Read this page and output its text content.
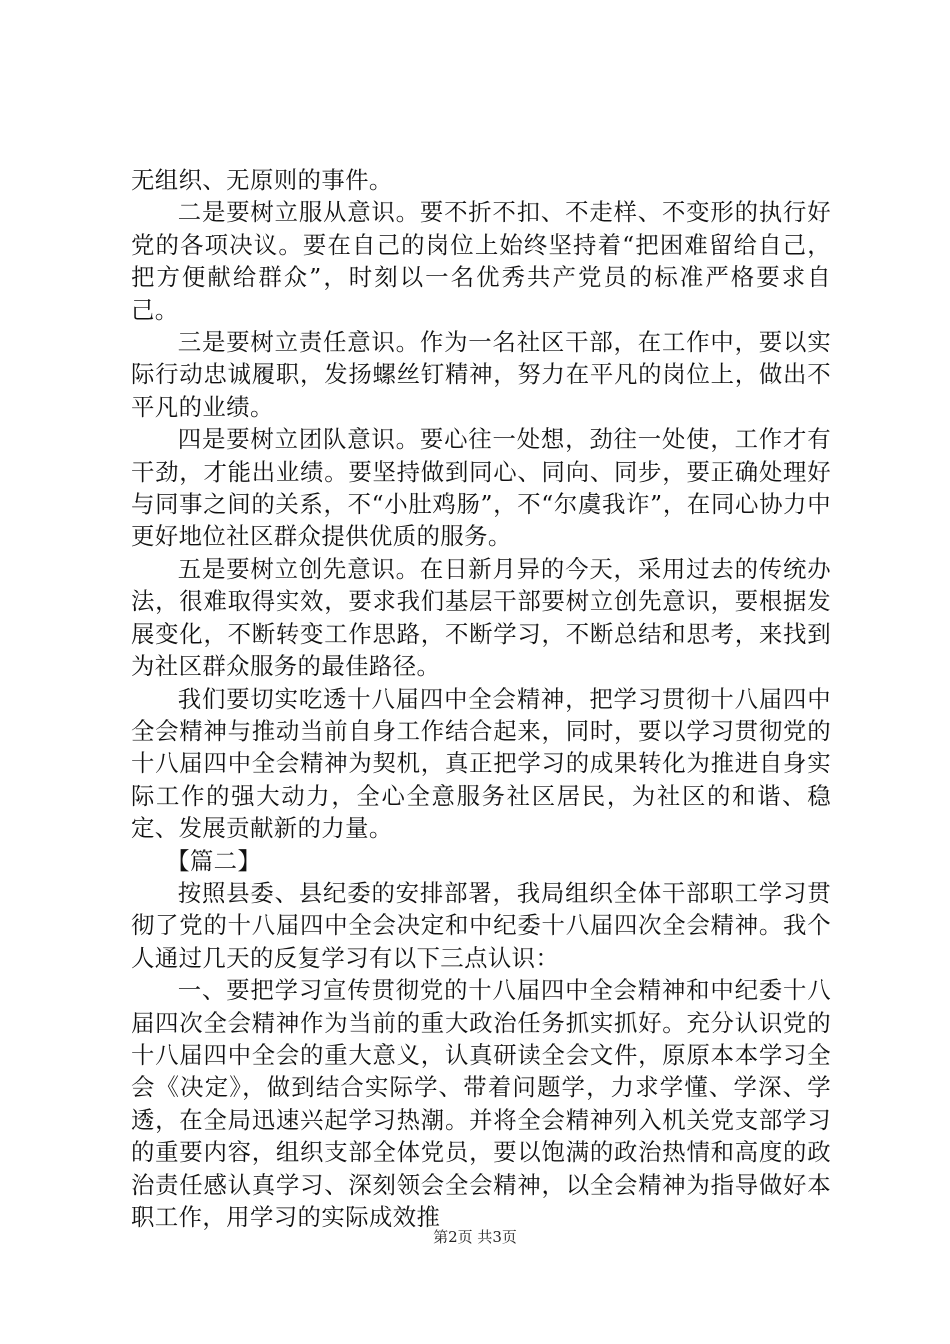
无组织、无原则的事件。

二是要树立服从意识。要不折不扣、不走样、不变形的执行好党的各项决议。要在自己的岗位上始终坚持着“把困难留给自己，把方便献给群众”，时刻以一名优秀共产党员的标准严格要求自己。

三是要树立责任意识。作为一名社区干部，在工作中，要以实际行动忠诚履职，发扬螺丝钉精神，努力在平凡的岗位上，做出不平凡的业绩。

四是要树立团队意识。要心往一处想，劲往一处使，工作才有干劲，才能出业绩。要坚持做到同心、同向、同步，要正确处理好与同事之间的关系，不“小肚鸡肠”，不“尔虞我诈”，在同心协力中更好地位社区群众提供优质的服务。

五是要树立创先意识。在日新月异的今天，采用过去的传统办法，很难取得实效，要求我们基层干部要树立创先意识，要根据发展变化，不断转变工作思路，不断学习，不断总结和思考，来找到为社区群众服务的最佳路径。

我们要切实吃透十八届四中全会精神，把学习贯彻十八届四中全会精神与推动当前自身工作结合起来，同时，要以学习贯彻党的十八届四中全会精神为契机，真正把学习的成果转化为推进自身实际工作的强大动力，全心全意服务社区居民，为社区的和谐、稳定、发展贡献新的力量。

【篇二】

按照县委、县纪委的安排部署，我局组织全体干部职工学习贯彻了党的十八届四中全会决定和中纪委十八届四次全会精神。我个人通过几天的反复学习有以下三点认识：

一、要把学习宣传贯彻党的十八届四中全会精神和中纪委十八届四次全会精神作为当前的重大政治任务抓实抓好。充分认识党的十八届四中全会的重大意义，认真研读全会文件，原原本本学习全会《决定》，做到结合实际学、带着问题学，力求学懂、学深、学透，在全局迅速兴起学习热潮。并将全会精神列入机关党支部学习的重要内容，组织支部全体党员，要以饱满的政治热情和高度的政治责任感认真学习、深刻领会全会精神，以全会精神为指导做好本职工作，用学习的实际成效推

第2页 共3页
